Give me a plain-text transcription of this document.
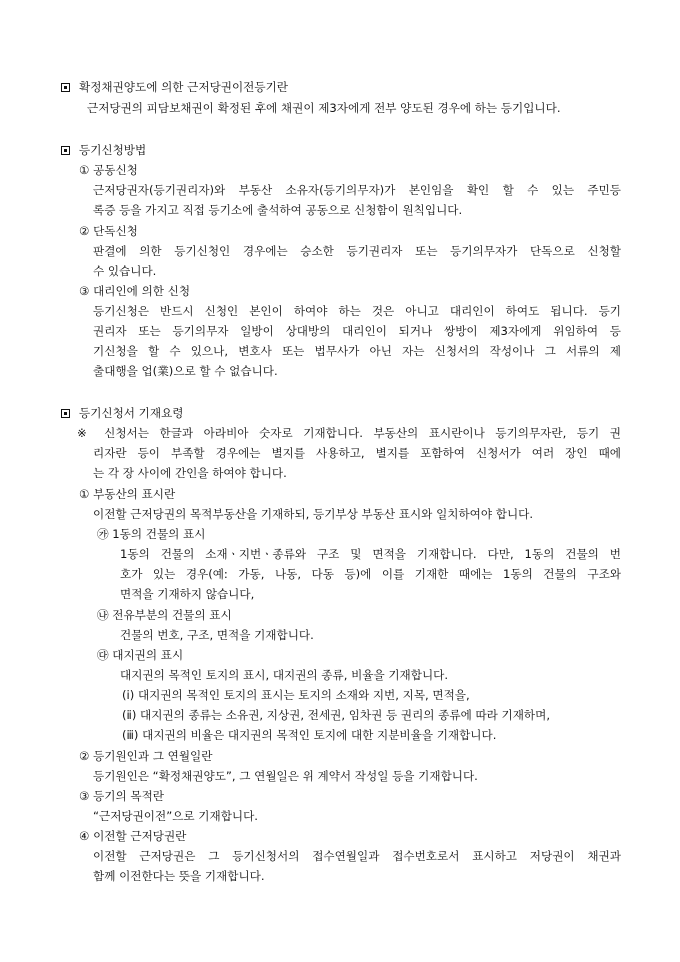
확정채권양도에 의한 근저당권이전등기란
근저당권의 피담보채권이 확정된 후에 채권이 제3자에게 전부 양도된 경우에 하는 등기입니다.
등기신청방법
① 공동신청
근저당권자(등기권리자)와 부동산 소유자(등기의무자)가 본인임을 확인 할 수 있는 주민등
록증 등을 가지고 직접 등기소에 출석하여 공동으로 신청함이 원칙입니다.
② 단독신청
판결에 의한 등기신청인 경우에는 승소한 등기권리자 또는 등기의무자가 단독으로 신청할
수 있습니다.
③ 대리인에 의한 신청
등기신청은 반드시 신청인 본인이 하여야 하는 것은 아니고 대리인이 하여도 됩니다. 등기
권리자 또는 등기의무자 일방이 상대방의 대리인이 되거나 쌍방이 제3자에게 위임하여 등
기신청을 할 수 있으나, 변호사 또는 법무사가 아닌 자는 신청서의 작성이나 그 서류의 제
출대행을 업(業)으로 할 수 없습니다.
등기신청서 기재요령
※ 신청서는 한글과 아라비아 숫자로 기재합니다. 부동산의 표시란이나 등기의무자란, 등기 권
리자란 등이 부족할 경우에는 별지를 사용하고, 별지를 포함하여 신청서가 여러 장인 때에
는 각 장 사이에 간인을 하여야 합니다.
① 부동산의 표시란
이전할 근저당권의 목적부동산을 기재하되, 등기부상 부동산 표시와 일치하여야 합니다.
㉮ 1동의 건물의 표시
1동의 건물의 소재ㆍ지번ㆍ종류와 구조 및 면적을 기재합니다. 다만, 1동의 건물의 번
호가 있는 경우(예: 가동, 나동, 다동 등)에 이를 기재한 때에는 1동의 건물의 구조와
면적을 기재하지 않습니다,
㉯ 전유부분의 건물의 표시
건물의 번호, 구조, 면적을 기재합니다.
㉰ 대지권의 표시
대지권의 목적인 토지의 표시, 대지권의 종류, 비율을 기재합니다.
(ⅰ) 대지권의 목적인 토지의 표시는 토지의 소재와 지번, 지목, 면적을,
(ⅱ) 대지권의 종류는 소유권, 지상권, 전세권, 임차권 등 권리의 종류에 따라 기재하며,
(ⅲ) 대지권의 비율은 대지권의 목적인 토지에 대한 지분비율을 기재합니다.
② 등기원인과 그 연월일란
등기원인은 “확정채권양도”, 그 연월일은 위 계약서 작성일 등을 기재합니다.
③ 등기의 목적란
“근저당권이전”으로 기재합니다.
④ 이전할 근저당권란
이전할 근저당권은 그 등기신청서의 접수연월일과 접수번호로서 표시하고 저당권이 채권과
함께 이전한다는 뜻을 기재합니다.
